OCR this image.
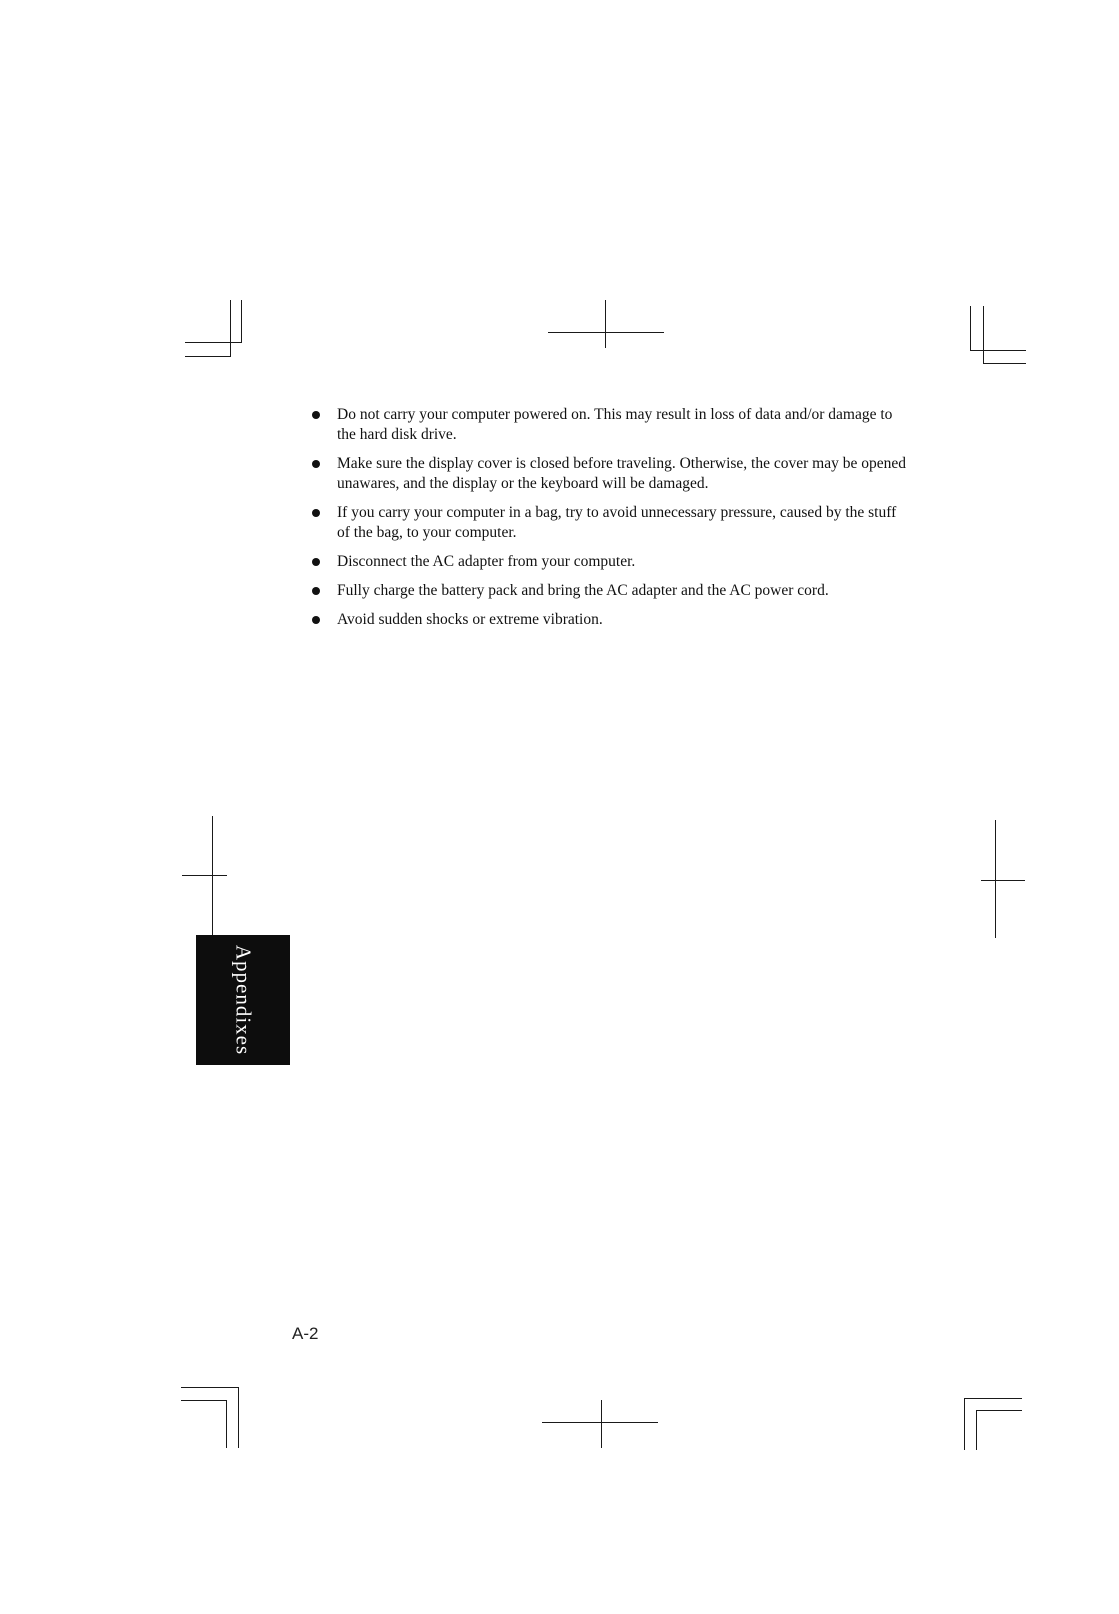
Do not carry your computer powered on. This may result in loss of data and/or damage to the hard disk drive.
Make sure the display cover is closed before traveling. Otherwise, the cover may be opened unawares, and the display or the keyboard will be damaged.
If you carry your computer in a bag, try to avoid unnecessary pressure, caused by the stuff of the bag, to your computer.
Disconnect the AC adapter from your computer.
Fully charge the battery pack and bring the AC adapter and the AC power cord.
Avoid sudden shocks or extreme vibration.
Appendixes
A-2
